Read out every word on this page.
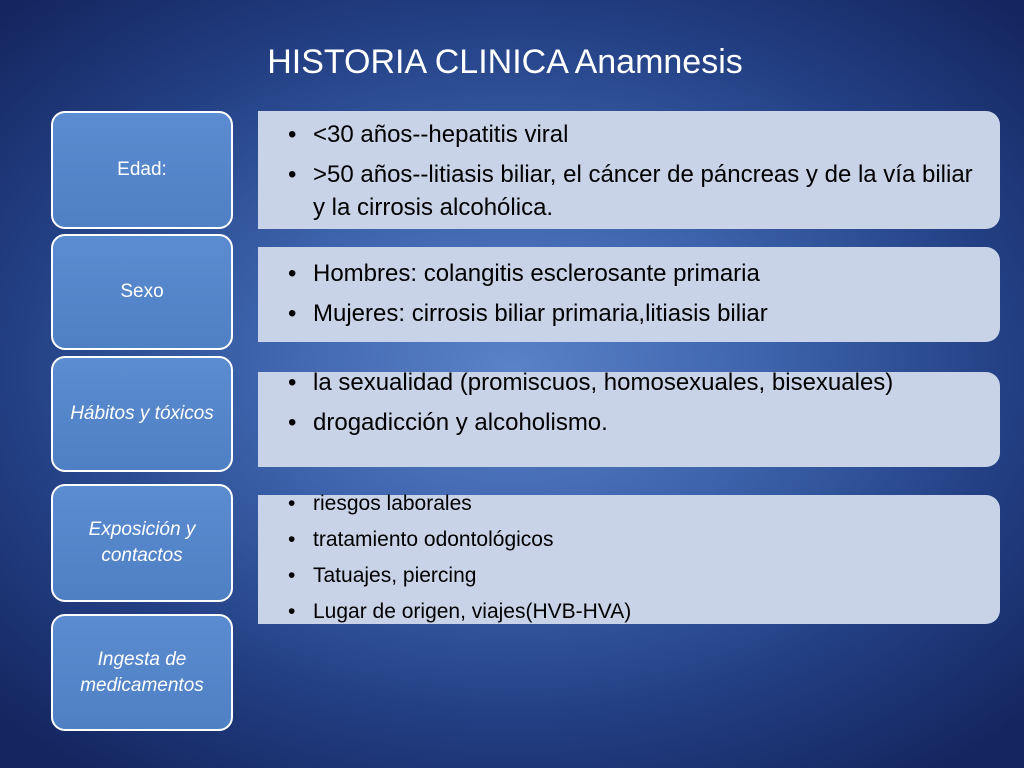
HISTORIA CLINICA Anamnesis
Edad:
• <30 años--hepatitis viral
• >50 años--litiasis biliar, el cáncer de páncreas y de la vía biliar y la cirrosis alcohólica.
Sexo
• Hombres: colangitis esclerosante primaria
• Mujeres: cirrosis biliar primaria,litiasis biliar
Hábitos y tóxicos
• la sexualidad (promiscuos, homosexuales, bisexuales)
• drogadicción y alcoholismo.
Exposición y contactos
• riesgos laborales
• tratamiento odontológicos
• Tatuajes, piercing
• Lugar de origen, viajes(HVB-HVA)
Ingesta de medicamentos
